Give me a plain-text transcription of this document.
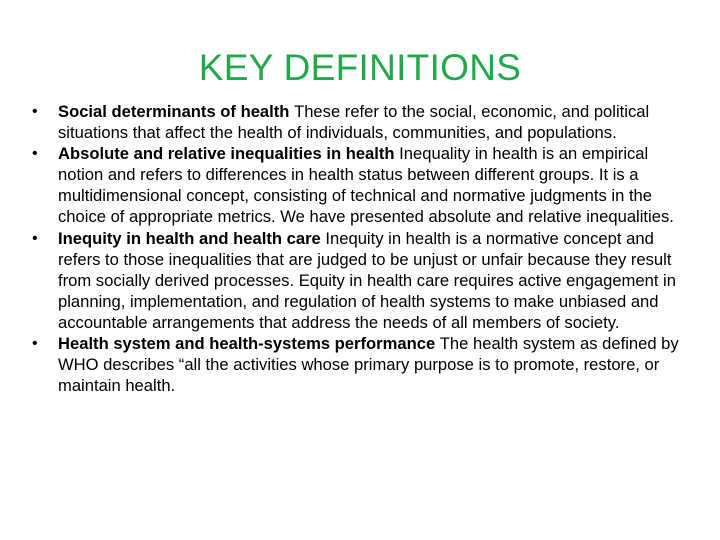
KEY DEFINITIONS
•	Social determinants of health These refer to the social, economic, and political situations that affect the health of individuals, communities, and populations.
•	Absolute and relative inequalities in health Inequality in health is an empirical notion and refers to differences in health status between different groups. It is a multidimensional concept, consisting of technical and normative judgments in the choice of appropriate metrics. We have presented absolute and relative inequalities.
•	Inequity in health and health care Inequity in health is a normative concept and refers to those inequalities that are judged to be unjust or unfair because they result from socially derived processes. Equity in health care requires active engagement in planning, implementation, and regulation of health systems to make unbiased and accountable arrangements that address the needs of all members of society.
•	Health system and health-systems performance The health system as defined by WHO describes “all the activities whose primary purpose is to promote, restore, or maintain health.
